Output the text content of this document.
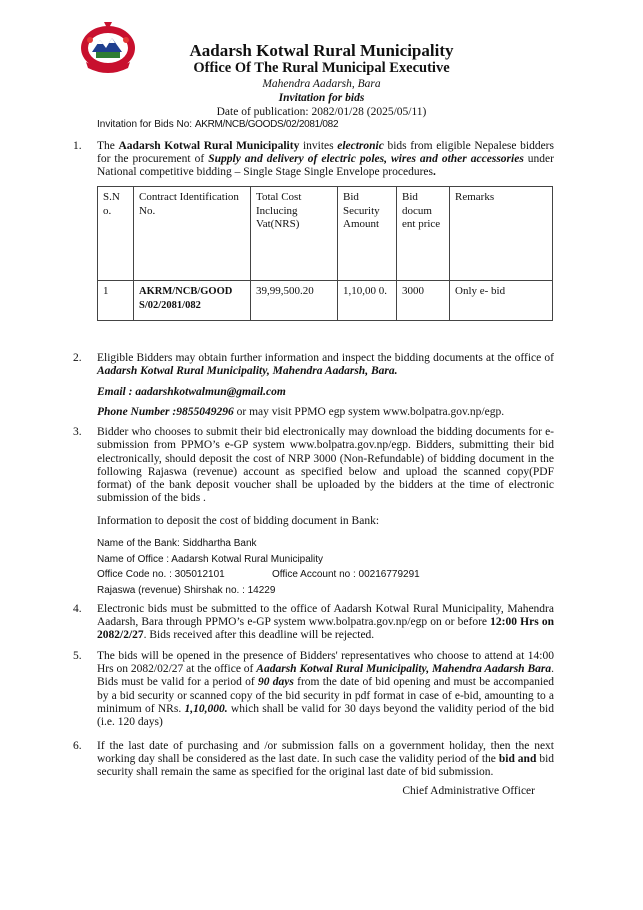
Aadarsh Kotwal Rural Municipality
Office Of The Rural Municipal Executive
Mahendra Aadarsh, Bara
Invitation for bids
Date of publication: 2082/01/28 (2025/05/11)
Invitation for Bids No: AKRM/NCB/GOODS/02/2081/082
1. The Aadarsh Kotwal Rural Municipality invites electronic bids from eligible Nepalese bidders for the procurement of Supply and delivery of electric poles, wires and other accessories under National competitive bidding – Single Stage Single Envelope procedures.
S.N o.	Contract Identification No.	Total Cost Inclucing Vat(NRS)	Bid Security Amount	Bid docum ent price	Remarks
1	AKRM/NCB/GOOD S/02/2081/082	39,99,500.20	1,10,00 0.	3000	Only e- bid
2. Eligible Bidders may obtain further information and inspect the bidding documents at the office of Aadarsh Kotwal Rural Municipality, Mahendra Aadarsh, Bara.
Email : aadarshkotwalmun@gmail.com
Phone Number :9855049296 or may visit PPMO egp system www.bolpatra.gov.np/egp.
3. Bidder who chooses to submit their bid electronically may download the bidding documents for e-submission from PPMO’s e-GP system www.bolpatra.gov.np/egp. Bidders, submitting their bid electronically, should deposit the cost of NRP 3000 (Non-Refundable) of bidding document in the following Rajaswa (revenue) account as specified below and upload the scanned copy(PDF format) of the bank deposit voucher shall be uploaded by the bidders at the time of electronic submission of the bids .
Information to deposit the cost of bidding document in Bank:
Name of the Bank: Siddhartha Bank
Name of Office : Aadarsh Kotwal Rural Municipality
Office Code no. : 305012101	Office Account no : 00216779291
Rajaswa (revenue) Shirshak no. : 14229
4. Electronic bids must be submitted to the office of Aadarsh Kotwal Rural Municipality, Mahendra Aadarsh, Bara through PPMO’s e-GP system www.bolpatra.gov.np/egp on or before 12:00 Hrs on 2082/2/27. Bids received after this deadline will be rejected.
5. The bids will be opened in the presence of Bidders' representatives who choose to attend at 14:00 Hrs on 2082/02/27 at the office of Aadarsh Kotwal Rural Municipality, Mahendra Aadarsh Bara. Bids must be valid for a period of 90 days from the date of bid opening and must be accompanied by a bid security or scanned copy of the bid security in pdf format in case of e-bid, amounting to a minimum of NRs. 1,10,000. which shall be valid for 30 days beyond the validity period of the bid (i.e. 120 days)
6. If the last date of purchasing and /or submission falls on a government holiday, then the next working day shall be considered as the last date. In such case the validity period of the bid and bid security shall remain the same as specified for the original last date of bid submission.
Chief Administrative Officer
